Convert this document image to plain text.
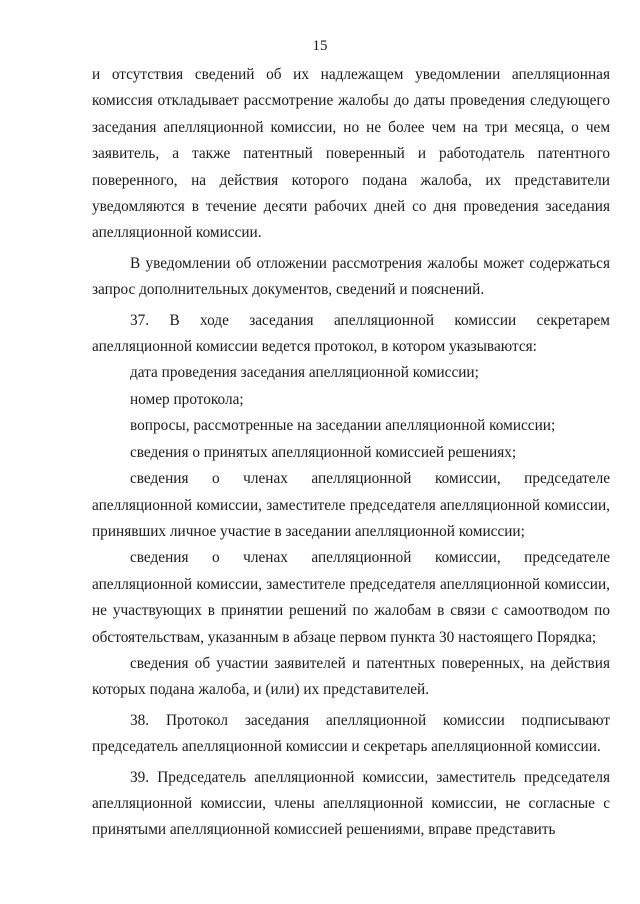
15

и отсутствия сведений об их надлежащем уведомлении апелляционная комиссия откладывает рассмотрение жалобы до даты проведения следующего заседания апелляционной комиссии, но не более чем на три месяца, о чем заявитель, а также патентный поверенный и работодатель патентного поверенного, на действия которого подана жалоба, их представители уведомляются в течение десяти рабочих дней со дня проведения заседания апелляционной комиссии.

В уведомлении об отложении рассмотрения жалобы может содержаться запрос дополнительных документов, сведений и пояснений.

37. В ходе заседания апелляционной комиссии секретарем апелляционной комиссии ведется протокол, в котором указываются:

дата проведения заседания апелляционной комиссии;

номер протокола;

вопросы, рассмотренные на заседании апелляционной комиссии;

сведения о принятых апелляционной комиссией решениях;

сведения о членах апелляционной комиссии, председателе апелляционной комиссии, заместителе председателя апелляционной комиссии, принявших личное участие в заседании апелляционной комиссии;

сведения о членах апелляционной комиссии, председателе апелляционной комиссии, заместителе председателя апелляционной комиссии, не участвующих в принятии решений по жалобам в связи с самоотводом по обстоятельствам, указанным в абзаце первом пункта 30 настоящего Порядка;

сведения об участии заявителей и патентных поверенных, на действия которых подана жалоба, и (или) их представителей.

38. Протокол заседания апелляционной комиссии подписывают председатель апелляционной комиссии и секретарь апелляционной комиссии.

39. Председатель апелляционной комиссии, заместитель председателя апелляционной комиссии, члены апелляционной комиссии, не согласные с принятыми апелляционной комиссией решениями, вправе представить
